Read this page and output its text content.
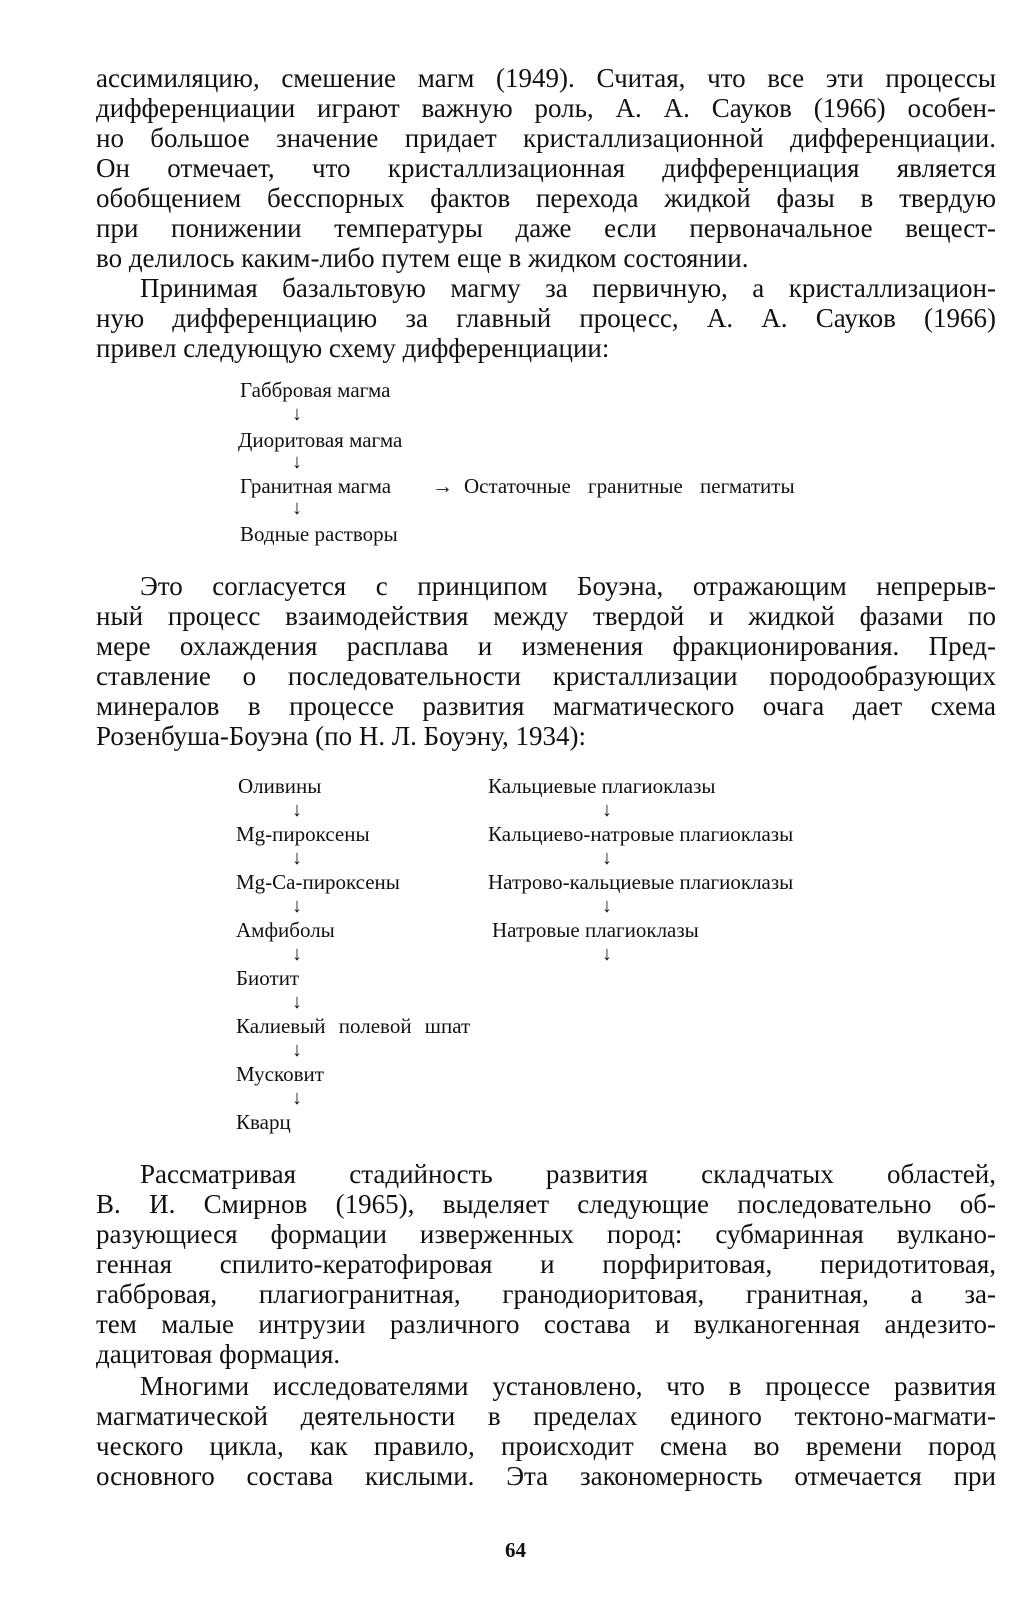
ассимиляцию, смешение магм (1949). Считая, что все эти процессы
дифференциации играют важную роль, А. А. Сауков (1966) особен-
но большое значение придает кристаллизационной дифференциации.
Он отмечает, что кристаллизационная дифференциация является
обобщением бесспорных фактов перехода жидкой фазы в твердую
при понижении температуры даже если первоначальное вещест-
во делилось каким-либо путем еще в жидком состоянии.
Принимая базальтовую магму за первичную, а кристаллизацион-
ную дифференциацию за главный процесс, А. А. Сауков (1966)
привел следующую схему дифференциации:
Габбровая магма
↓
Диоритовая магма
↓
Гранитная магма → Остаточные гранитные пегматиты
↓
Водные растворы
Это согласуется с принципом Боуэна, отражающим непрерыв-
ный процесс взаимодействия между твердой и жидкой фазами по
мере охлаждения расплава и изменения фракционирования. Пред-
ставление о последовательности кристаллизации породообразующих
минералов в процессе развития магматического очага дает схема
Розенбуша-Боуэна (по Н. Л. Боуэну, 1934):
Оливины
↓
Mg-пироксены
↓
Mg-Ca-пироксены
↓
Амфиболы
↓
Биотит
↓
Калиевый полевой шпат
↓
Мусковит
↓
Кварц
Кальциевые плагиоклазы
↓
Кальциево-натровые плагиоклазы
↓
Натрово-кальциевые плагиоклазы
↓
Натровые плагиоклазы
↓
Рассматривая стадийность развития складчатых областей,
В. И. Смирнов (1965), выделяет следующие последовательно об-
разующиеся формации изверженных пород: субмаринная вулкано-
генная спилито-кератофировая и порфиритовая, перидотитовая,
габбровая, плагиогранитная, гранодиоритовая, гранитная, а за-
тем малые интрузии различного состава и вулканогенная андезито-
дацитовая формация.
Многими исследователями установлено, что в процессе развития
магматической деятельности в пределах единого тектоно-магмати-
ческого цикла, как правило, происходит смена во времени пород
основного состава кислыми. Эта закономерность отмечается при
64
